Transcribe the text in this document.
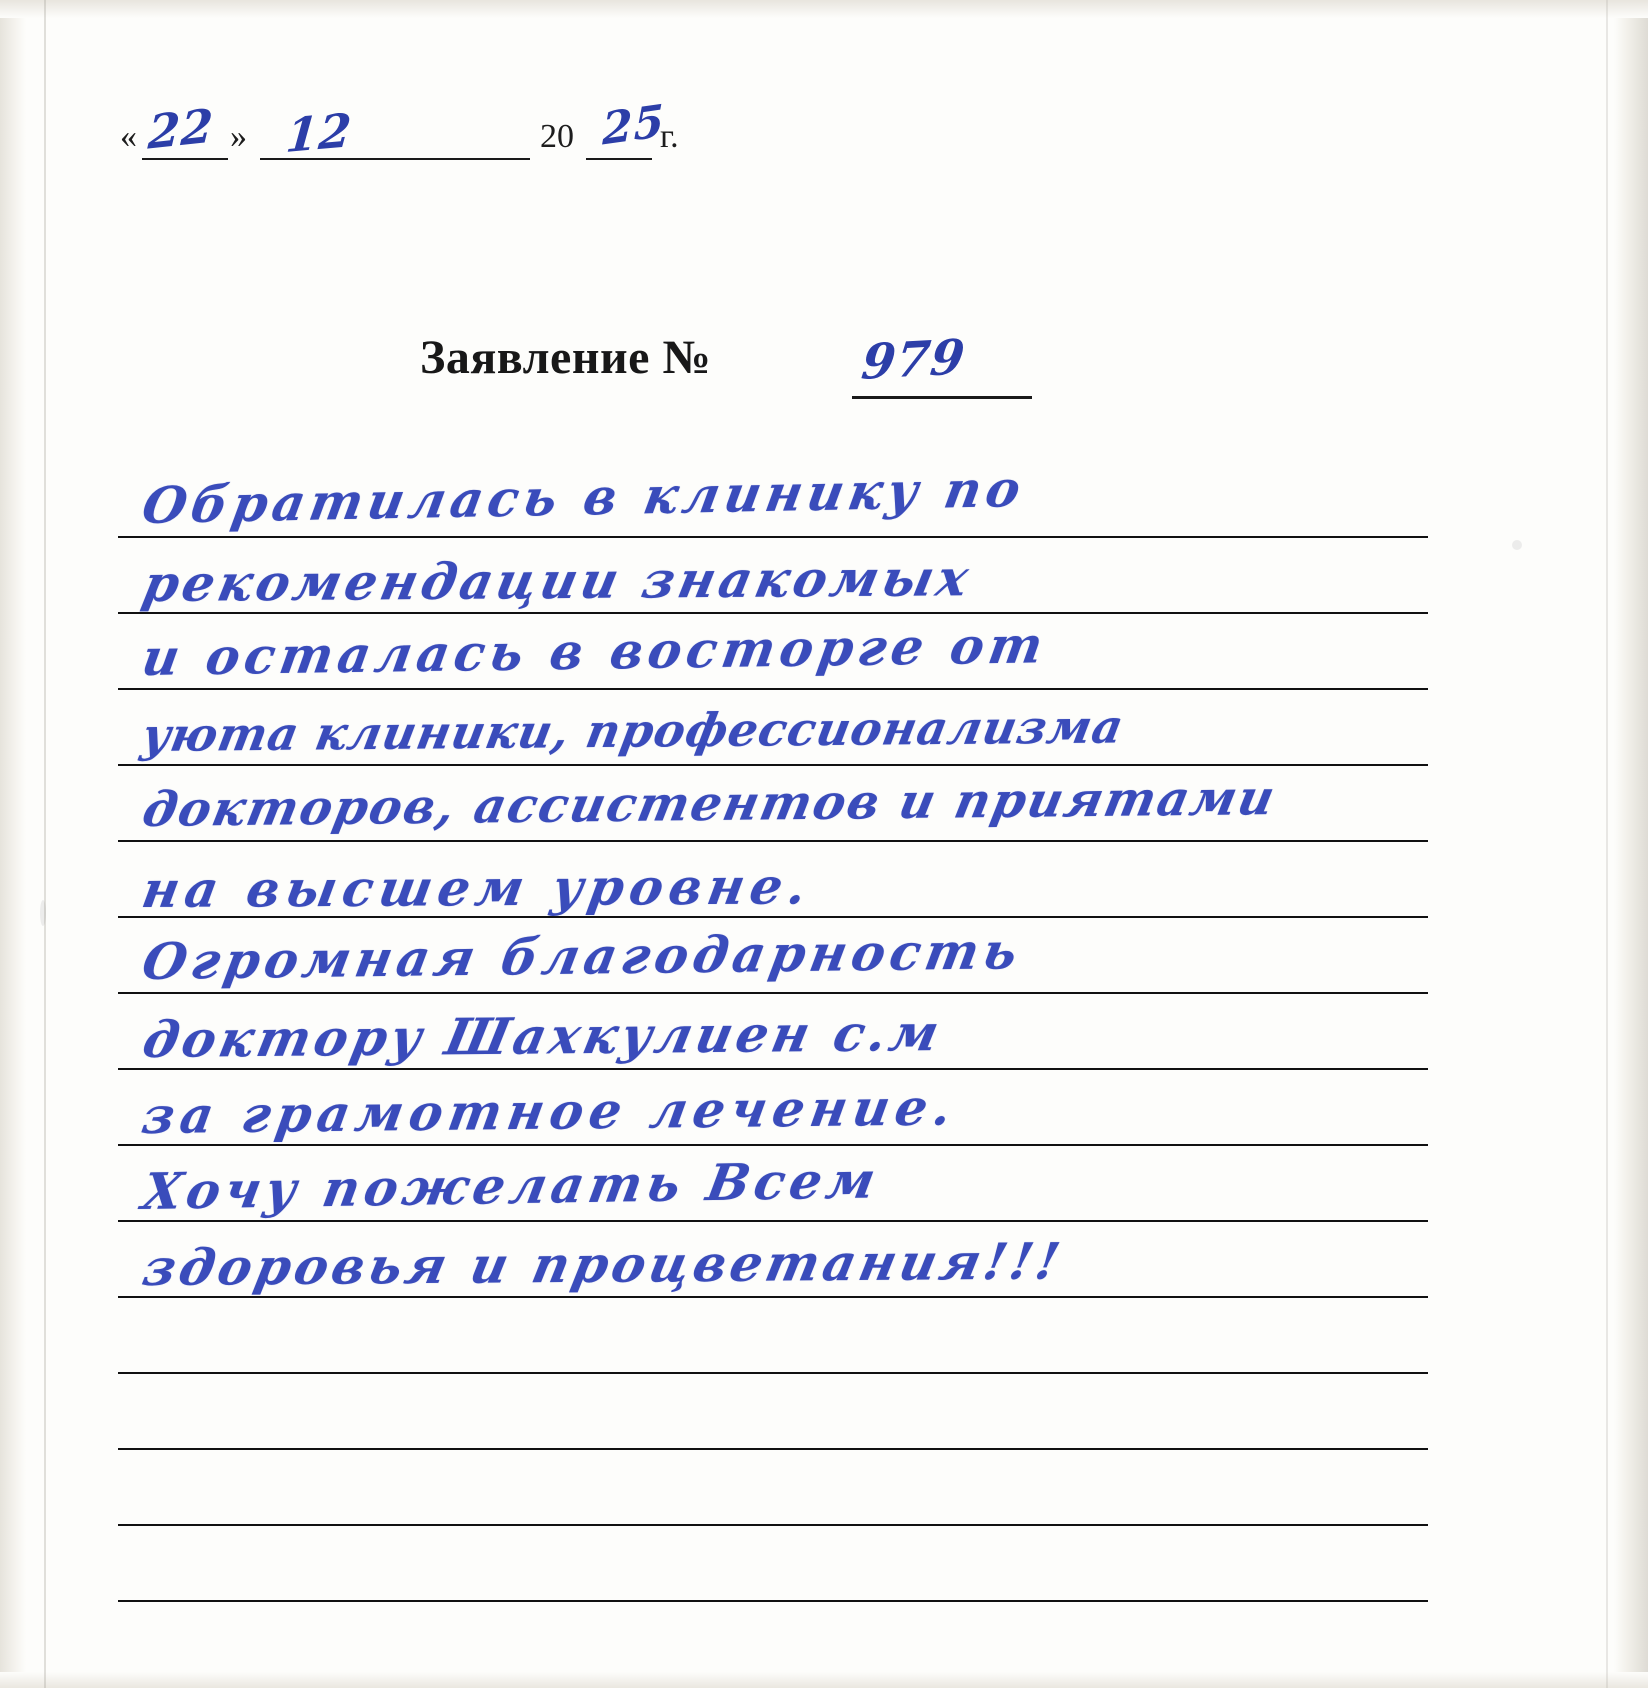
« 22 » 12	20 25
г.
Заявление №	979
Обратилась в клинику по
рекомендации знакомых
и осталась в восторге от
уюта клиники, профессионализма
докторов, ассистентов и приятами
на высшем уровне.
Огромная благодарность
доктору Шахкулиен с.м
за грамотное лечение.
Хочу пожелать Всем
здоровья и процветания!!!
